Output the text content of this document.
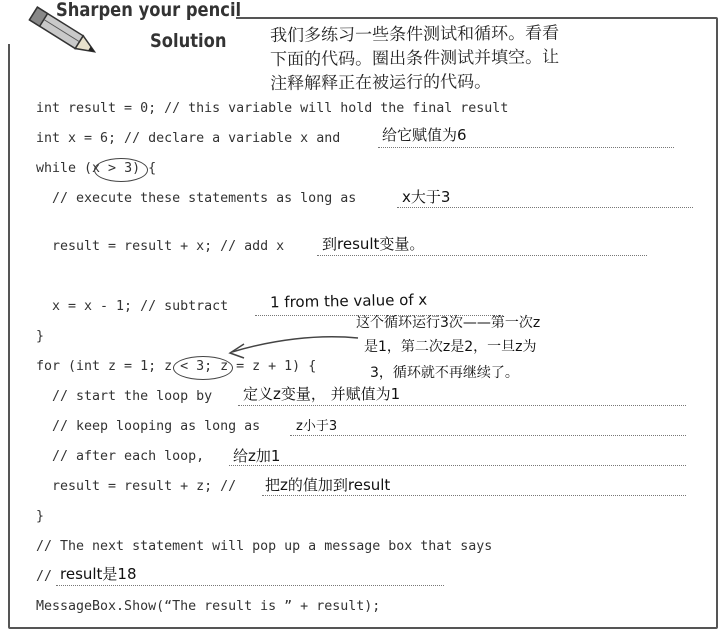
Sharpen your pencil
Solution	我们多练习一些条件测试和循环。看看
下面的代码。圈出条件测试并填空。让
注释解释正在被运行的代码。
int result = 0; // this variable will hold the final result
int x = 6; // declare a variable x and
while (x > 3) {
// execute these statements as long as
result = result + x; // add x
x = x - 1; // subtract
}
for (int z = 1; z < 3; z = z + 1) {
// start the loop by
// keep looping as long as
// after each loop,
result = result + z; //
}
// The next statement will pop up a message box that says
//
MessageBox.Show(“The result is ” + result);
给它赋值为6
x大于3
到result变量。
1 from the value of x
定义z变量， 并赋值为1
z小于3
给z加1
把z的值加到result
result是18
这个循环运行3次——第一次z
是1，第二次z是2，一旦z为
3，循环就不再继续了。
